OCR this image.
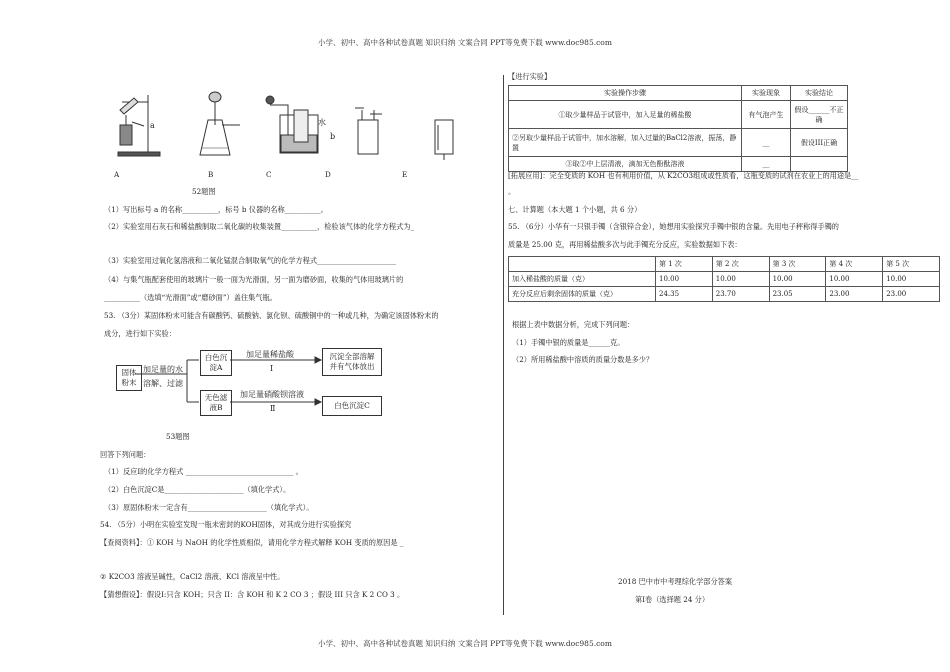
小学、初中、高中各种试卷真题 知识归纳 文案合同 PPT等免费下载 www.doc985.com
小学、初中、高中各种试卷真题 知识归纳 文案合同 PPT等免费下载 www.doc985.com
a	水
b
A	B	C	D	E
52题图
（1）写出标号 a 的名称__________，标号 b 仪器的名称__________。
（2）实验室用石灰石和稀盐酸制取二氧化碳的收集装置__________，检验该气体的化学方程式为_
（3）实验室用过氧化氢溶液和二氧化锰混合制取氧气的化学方程式______________________
（4）与集气瓶配套使用的玻璃片一般一面为光滑面，另一面为磨砂面，收集的气体用玻璃片的
__________（选填“光滑面”或“磨砂面”）盖住集气瓶。
53. （3分）某固体粉末可能含有碳酸钙、硫酸钠、氯化钡、硫酸铜中的一种或几种，为确定该固体粉末的
成分，进行如下实验：
固体粉末
加足量的水
溶解、过滤
白色沉淀A
无色滤液B
加足量稀盐酸
Ⅰ
加足量硝酸钡溶液
Ⅱ
沉淀全部溶解
并有气体放出
白色沉淀C
53题图
回答下列问题：
（1）反应Ⅰ的化学方程式 ______________________________ 。
（2）白色沉淀C是______________________（填化学式）。
（3）原固体粉末一定含有______________________（填化学式）。
54. （5分）小明在实验室发现一瓶未密封的KOH固体，对其成分进行实验探究
【查阅资料】：① KOH 与 NaOH 的化学性质相似，请用化学方程式解释 KOH 变质的原因是 _
② K2CO3 溶液呈碱性，CaCl2 溶液、KCl 溶液呈中性。
【猜想假设】：假设Ⅰ:只含 KOH；只含 II：含 KOH 和 K 2 CO 3 ；假设 III 只含 K 2 CO 3 。
【进行实验】
实验操作步骤	实验现象	实验结论
①取少量样品于试管中，加入足量的稀盐酸	有气泡产生	假设______不正确
②另取少量样品于试管中，加水溶解，加入过量的BaCl2溶液，振荡，静置	__	假设III正确
③取②中上层清液，滴加无色酚酞溶液	__	
[拓展应用]：完全变质的 KOH 也有利用价值，从 K2CO3组成或性质看，这瓶变质的试剂在农业上的用途是__
。
七、计算题（本大题 1 个小题，共 6 分）
55. （6分）小华有一只银手镯（含银锌合金），她想用实验探究手镯中银的含量。先用电子秤称得手镯的
质量是 25.00 克，再用稀盐酸多次与此手镯充分反应，实验数据如下表：
	第 1 次	第 2 次	第 3 次	第 4 次	第 5 次
加入稀盐酸的质量（克）	10.00	10.00	10.00	10.00	10.00
充分反应后剩余固体的质量（克）	24.35	23.70	23.05	23.00	23.00
根据上表中数据分析，完成下列问题：
（1）手镯中银的质量是______克。
（2）所用稀盐酸中溶质的质量分数是多少？
2018 巴中市中考理综化学部分答案
第Ⅰ卷（选择题 24 分）
